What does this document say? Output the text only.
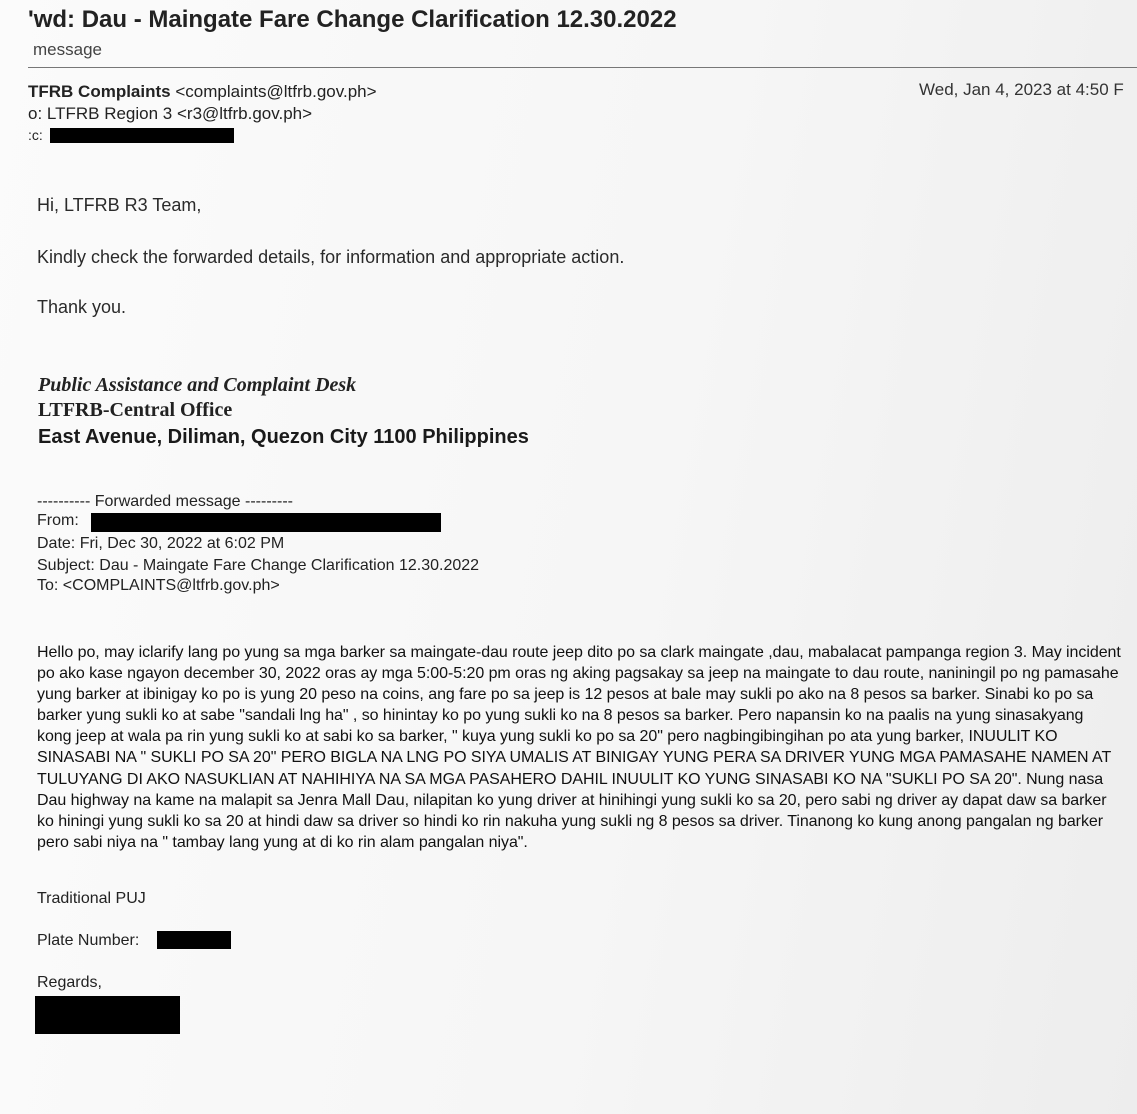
'wd: Dau - Maingate Fare Change Clarification 12.30.2022
message
TFRB Complaints <complaints@ltfrb.gov.ph>	Wed, Jan 4, 2023 at 4:50 F
o: LTFRB Region 3 <r3@ltfrb.gov.ph>
:c:
Hi, LTFRB R3 Team,
Kindly check the forwarded details, for information and appropriate action.
Thank you.
Public Assistance and Complaint Desk
LTFRB-Central Office
East Avenue, Diliman, Quezon City 1100 Philippines
---------- Forwarded message ---------
From:
Date: Fri, Dec 30, 2022 at 6:02 PM
Subject: Dau - Maingate Fare Change Clarification 12.30.2022
To: <COMPLAINTS@ltfrb.gov.ph>
Hello po, may iclarify lang po yung sa mga barker sa maingate-dau route jeep dito po sa clark maingate ,dau, mabalacat pampanga region 3. May incident po ako kase ngayon december 30, 2022 oras ay mga 5:00-5:20 pm oras ng aking pagsakay sa jeep na maingate to dau route, naniningil po ng pamasahe yung barker at ibinigay ko po is yung 20 peso na coins, ang fare po sa jeep is 12 pesos at bale may sukli po ako na 8 pesos sa barker. Sinabi ko po sa barker yung sukli ko at sabe "sandali lng ha" , so hinintay ko po yung sukli ko na 8 pesos sa barker. Pero napansin ko na paalis na yung sinasakyang kong jeep at wala pa rin yung sukli ko at sabi ko sa barker, " kuya yung sukli ko po sa 20" pero nagbingibingihan po ata yung barker, INUULIT KO SINASABI NA " SUKLI PO SA 20" PERO BIGLA NA LNG PO SIYA UMALIS AT BINIGAY YUNG PERA SA DRIVER YUNG MGA PAMASAHE NAMEN AT TULUYANG DI AKO NASUKLIAN AT NAHIHIYA NA SA MGA PASAHERO DAHIL INUULIT KO YUNG SINASABI KO NA "SUKLI PO SA 20". Nung nasa Dau highway na kame na malapit sa Jenra Mall Dau, nilapitan ko yung driver at hinihingi yung sukli ko sa 20, pero sabi ng driver ay dapat daw sa barker ko hiningi yung sukli ko sa 20 at hindi daw sa driver so hindi ko rin nakuha yung sukli ng 8 pesos sa driver. Tinanong ko kung anong pangalan ng barker pero sabi niya na " tambay lang yung at di ko rin alam pangalan niya".
Traditional PUJ
Plate Number:
Regards,
